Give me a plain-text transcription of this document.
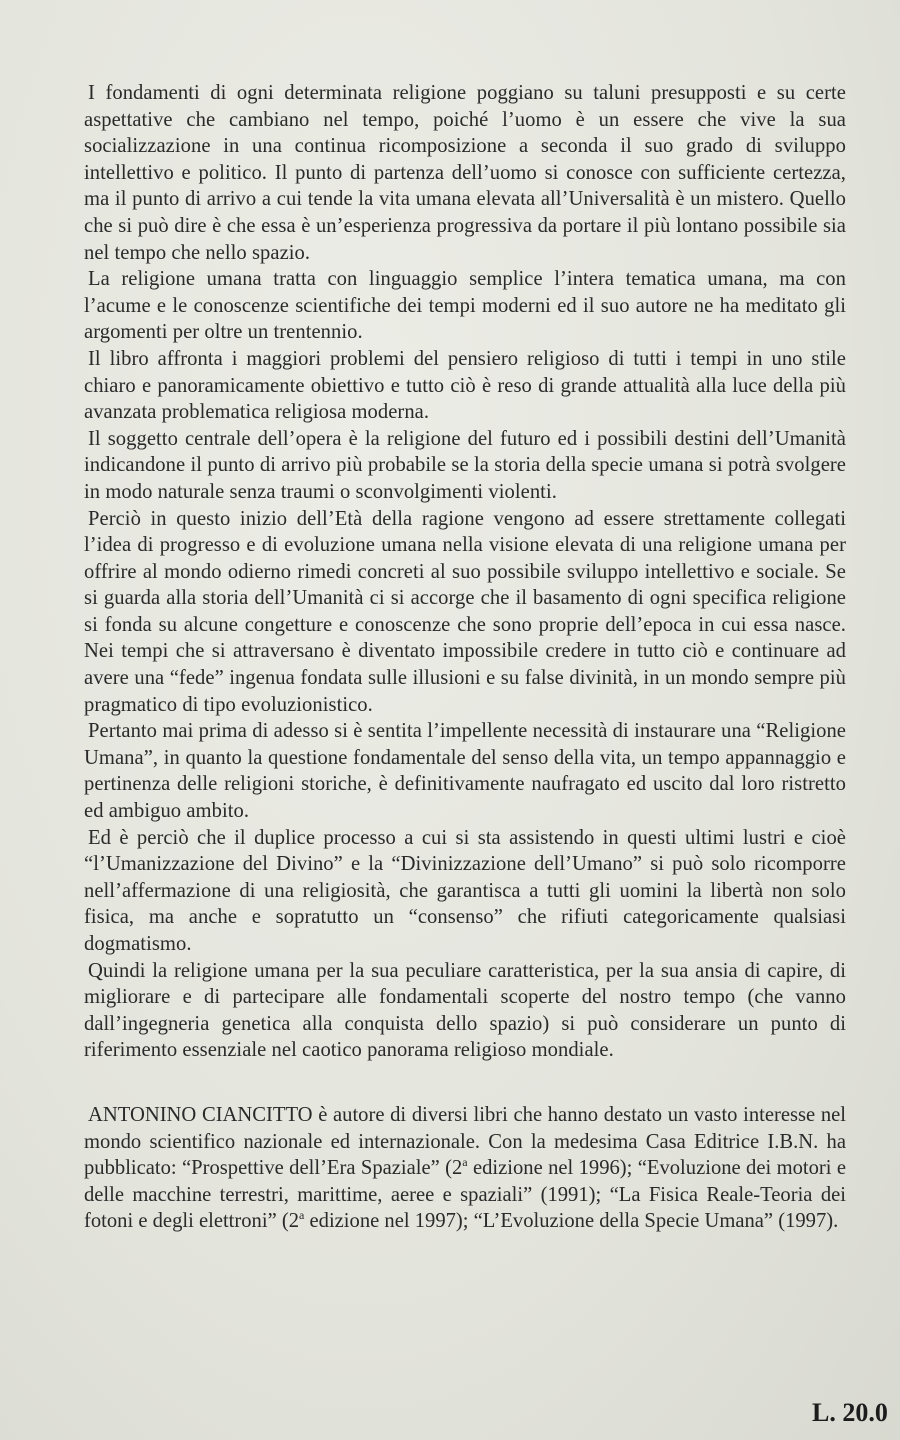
I fondamenti di ogni determinata religione poggiano su taluni presupposti e su certe aspettative che cambiano nel tempo, poiché l’uomo è un essere che vive la sua socializzazione in una continua ricomposizione a seconda il suo grado di sviluppo intellettivo e politico. Il punto di partenza dell’uomo si conosce con sufficiente certezza, ma il punto di arrivo a cui tende la vita umana elevata all’Universalità è un mistero. Quello che si può dire è che essa è un’esperienza progressiva da portare il più lontano possibile sia nel tempo che nello spazio.

La religione umana tratta con linguaggio semplice l’intera tematica umana, ma con l’acume e le conoscenze scientifiche dei tempi moderni ed il suo autore ne ha meditato gli argomenti per oltre un trentennio.

Il libro affronta i maggiori problemi del pensiero religioso di tutti i tempi in uno stile chiaro e panoramicamente obiettivo e tutto ciò è reso di grande attualità alla luce della più avanzata problematica religiosa moderna.

Il soggetto centrale dell’opera è la religione del futuro ed i possibili destini dell’Umanità indicandone il punto di arrivo più probabile se la storia della specie umana si potrà svolgere in modo naturale senza traumi o sconvolgimenti violenti.

Perciò in questo inizio dell’Età della ragione vengono ad essere strettamente collegati l’idea di progresso e di evoluzione umana nella visione elevata di una religione umana per offrire al mondo odierno rimedi concreti al suo possibile sviluppo intellettivo e sociale. Se si guarda alla storia dell’Umanità ci si accorge che il basamento di ogni specifica religione si fonda su alcune congetture e conoscenze che sono proprie dell’epoca in cui essa nasce. Nei tempi che si attraversano è diventato impossibile credere in tutto ciò e continuare ad avere una “fede” ingenua fondata sulle illusioni e su false divinità, in un mondo sempre più pragmatico di tipo evoluzionistico.

Pertanto mai prima di adesso si è sentita l’impellente necessità di instaurare una “Religione Umana”, in quanto la questione fondamentale del senso della vita, un tempo appannaggio e pertinenza delle religioni storiche, è definitivamente naufragato ed uscito dal loro ristretto ed ambiguo ambito.

Ed è perciò che il duplice processo a cui si sta assistendo in questi ultimi lustri e cioè “l’Umanizzazione del Divino” e la “Divinizzazione dell’Umano” si può solo ricomporre nell’affermazione di una religiosità, che garantisca a tutti gli uomini la libertà non solo fisica, ma anche e sopratutto un “consenso” che rifiuti categoricamente qualsiasi dogmatismo.

Quindi la religione umana per la sua peculiare caratteristica, per la sua ansia di capire, di migliorare e di partecipare alle fondamentali scoperte del nostro tempo (che vanno dall’ingegneria genetica alla conquista dello spazio) si può considerare un punto di riferimento essenziale nel caotico panorama religioso mondiale.

ANTONINO CIANCITTO è autore di diversi libri che hanno destato un vasto interesse nel mondo scientifico nazionale ed internazionale. Con la medesima Casa Editrice I.B.N. ha pubblicato: “Prospettive dell’Era Spaziale” (2$^a$ edizione nel 1996); “Evoluzione dei motori e delle macchine terrestri, marittime, aeree e spaziali” (1991); “La Fisica Reale-Teoria dei fotoni e degli elettroni” (2$^a$ edizione nel 1997); “L’Evoluzione della Specie Umana” (1997).

L. 20.0
